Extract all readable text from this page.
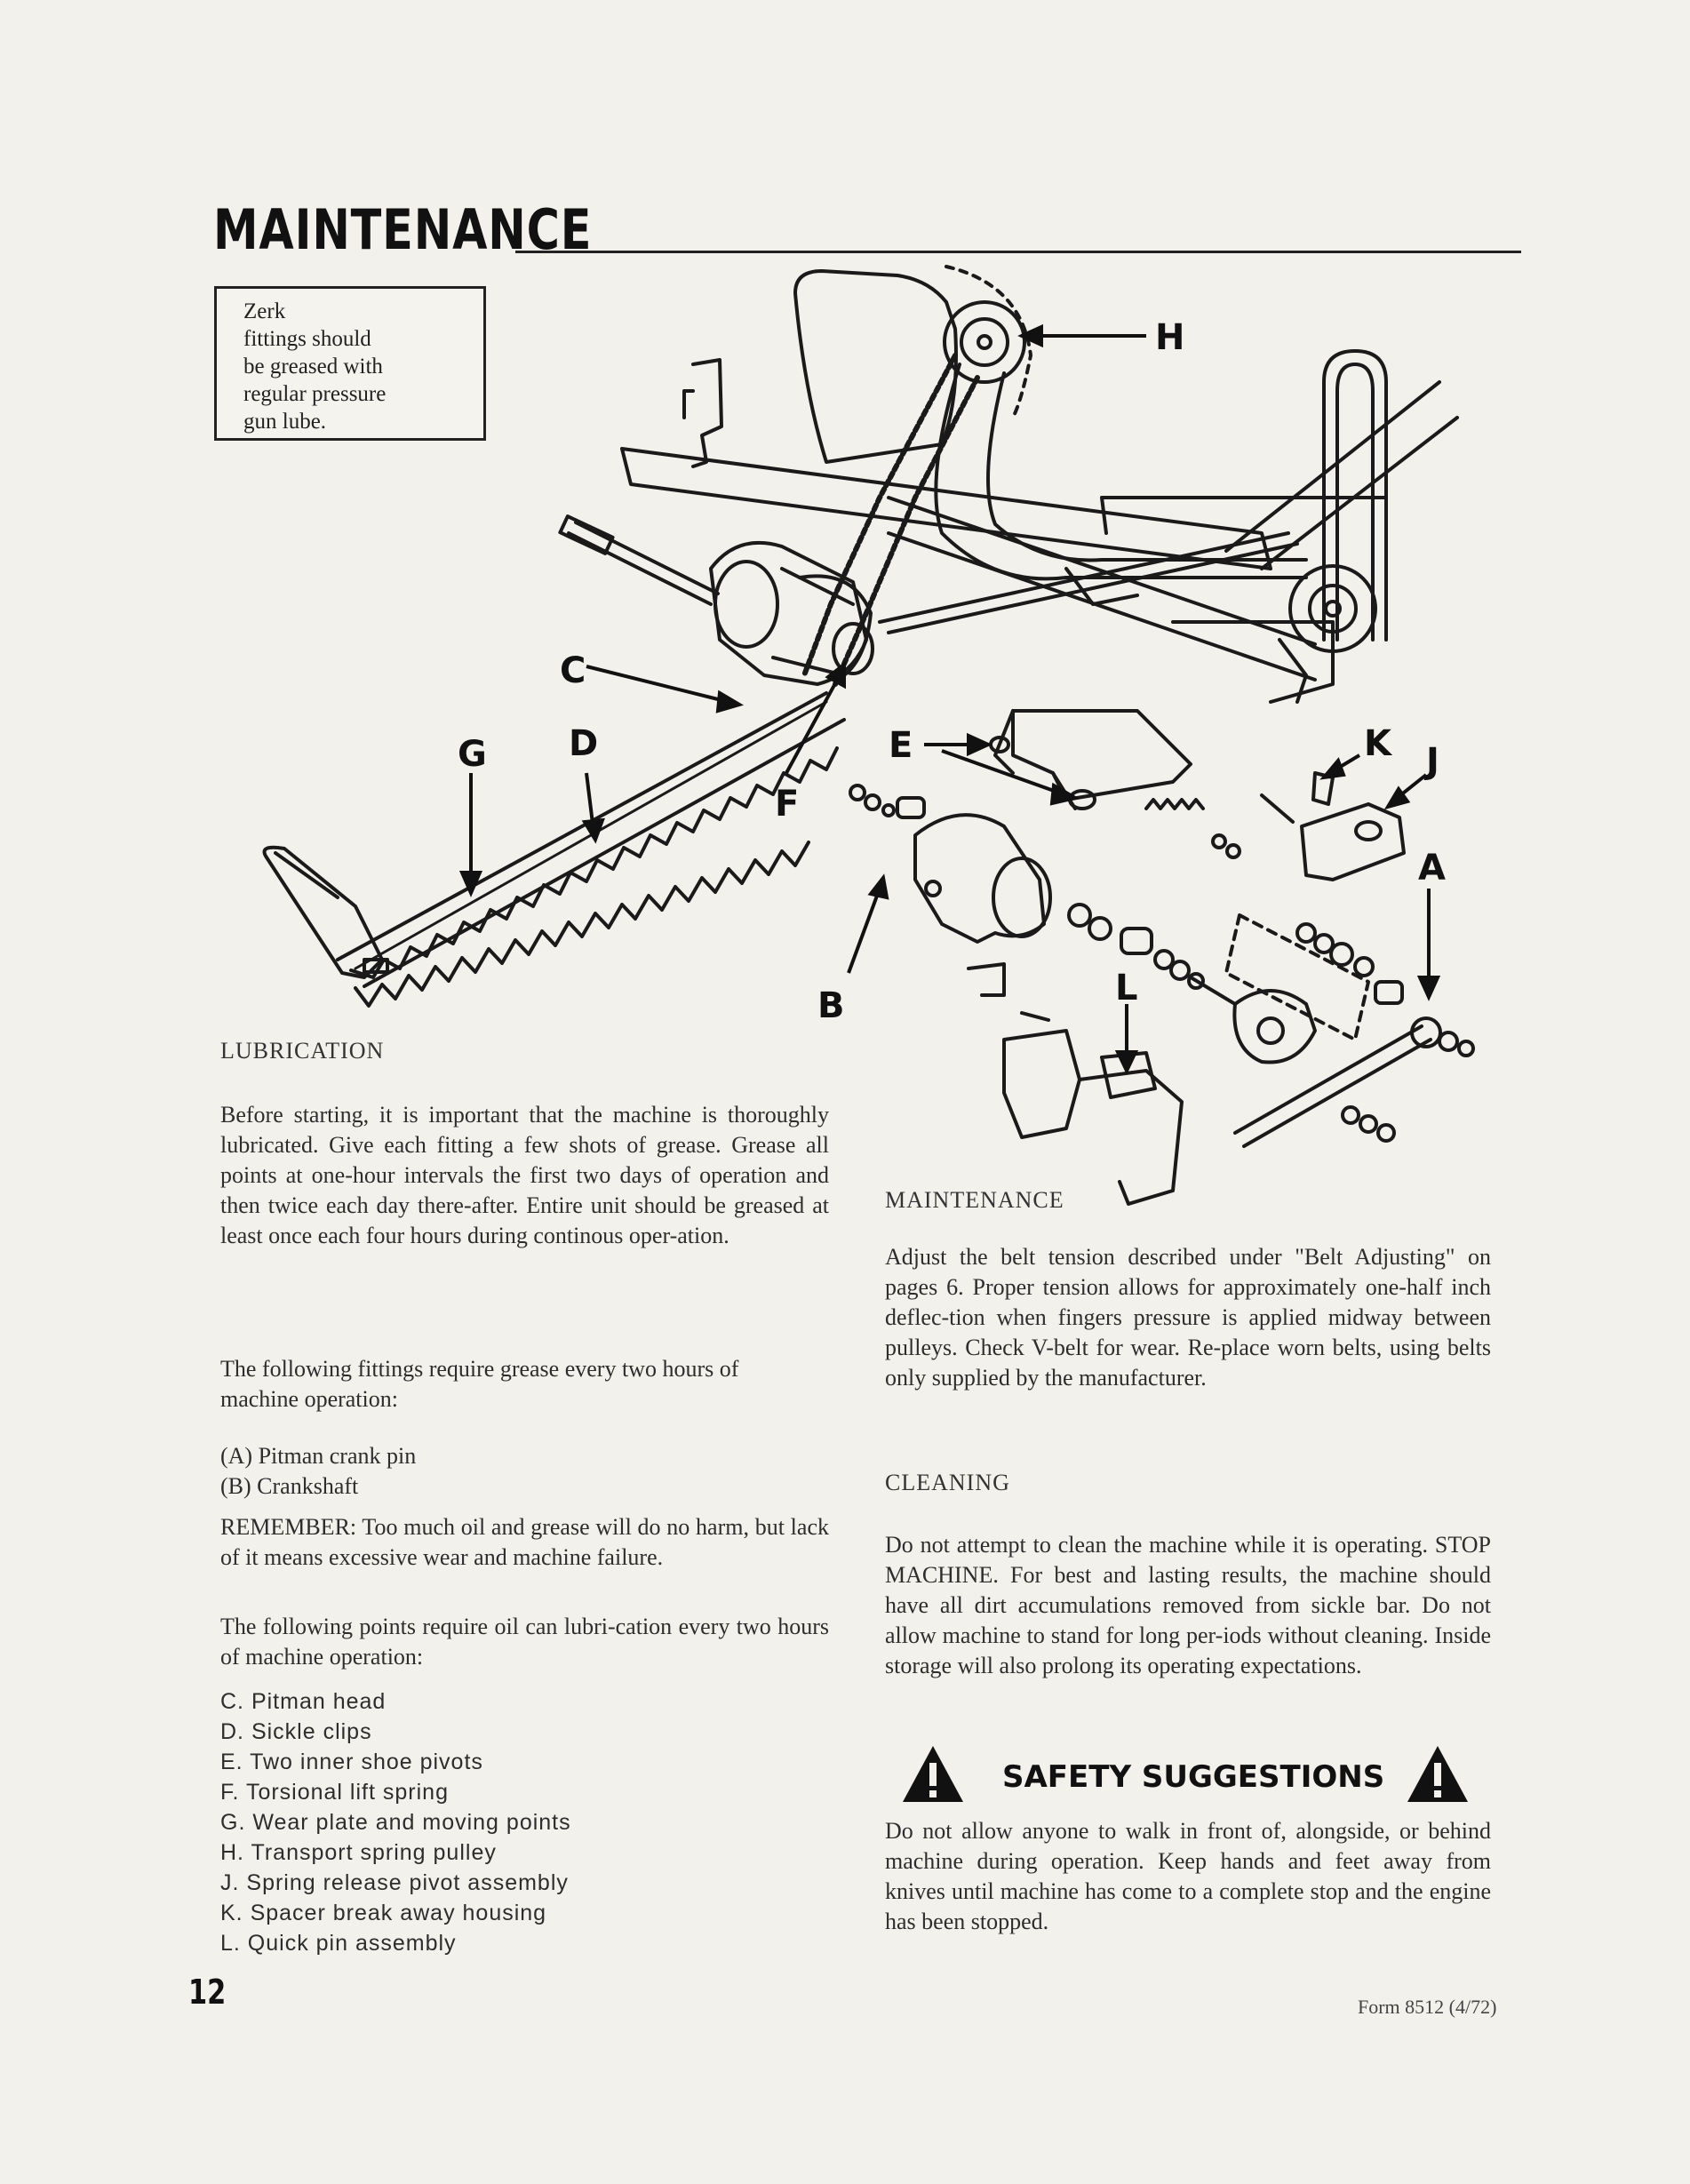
MAINTENANCE
Zerk
fittings should
be greased with
regular pressure
gun lube.
H
C
G D
F
E	K J
A
B	L
LUBRICATION

Before starting, it is important that the machine is thoroughly lubricated. Give each fitting a few shots of grease. Grease all points at one-hour intervals the first two days of operation and then twice each day there-after. Entire unit should be greased at least once each four hours during continous oper-ation.

The following fittings require grease every two hours of machine operation:

(A) Pitman crank pin
(B) Crankshaft

REMEMBER: Too much oil and grease will do no harm, but lack of it means excessive wear and machine failure.

The following points require oil can lubri-cation every two hours of machine operation:

C. Pitman head
D. Sickle clips
E. Two inner shoe pivots
F. Torsional lift spring
G. Wear plate and moving points
H. Transport spring pulley
J. Spring release pivot assembly
K. Spacer break away housing
L. Quick pin assembly
MAINTENANCE

Adjust the belt tension described under "Belt Adjusting" on pages 6. Proper tension allows for approximately one-half inch deflec-tion when fingers pressure is applied midway between pulleys. Check V-belt for wear. Re-place worn belts, using belts only supplied by the manufacturer.

CLEANING

Do not attempt to clean the machine while it is operating. STOP MACHINE. For best and lasting results, the machine should have all dirt accumulations removed from sickle bar. Do not allow machine to stand for long per-iods without cleaning. Inside storage will also prolong its operating expectations.

SAFETY SUGGESTIONS

Do not allow anyone to walk in front of, alongside, or behind machine during operation. Keep hands and feet away from knives until machine has come to a complete stop and the engine has been stopped.

12	Form 8512 (4/72)
